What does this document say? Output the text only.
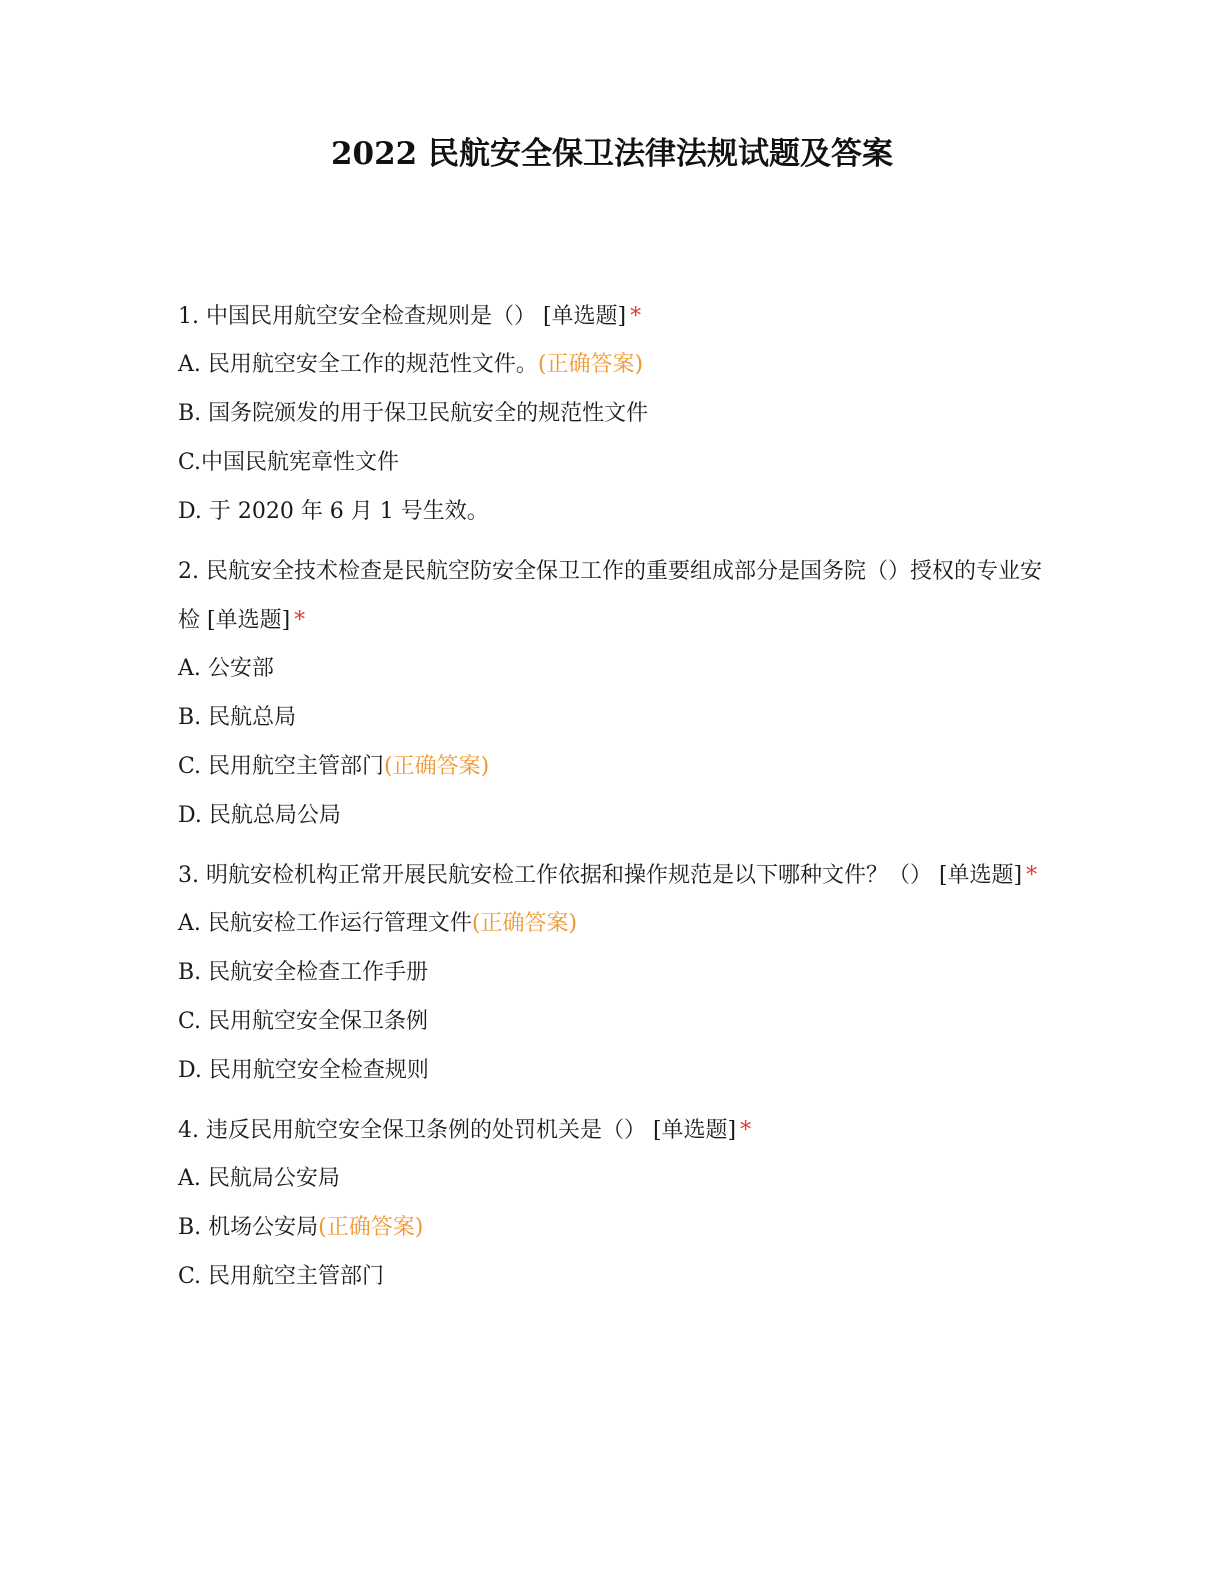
2022 民航安全保卫法律法规试题及答案
1. 中国民用航空安全检查规则是（） [单选题] *
A. 民用航空安全工作的规范性文件。(正确答案)
B. 国务院颁发的用于保卫民航安全的规范性文件
C.中国民航宪章性文件
D. 于 2020 年 6 月 1 号生效。
2. 民航安全技术检查是民航空防安全保卫工作的重要组成部分是国务院（）授权的专业安检 [单选题] *
A. 公安部
B. 民航总局
C. 民用航空主管部门(正确答案)
D. 民航总局公局
3. 明航安检机构正常开展民航安检工作依据和操作规范是以下哪种文件？（） [单选题] *
A. 民航安检工作运行管理文件(正确答案)
B. 民航安全检查工作手册
C. 民用航空安全保卫条例
D. 民用航空安全检查规则
4. 违反民用航空安全保卫条例的处罚机关是（） [单选题] *
A. 民航局公安局
B. 机场公安局(正确答案)
C. 民用航空主管部门
